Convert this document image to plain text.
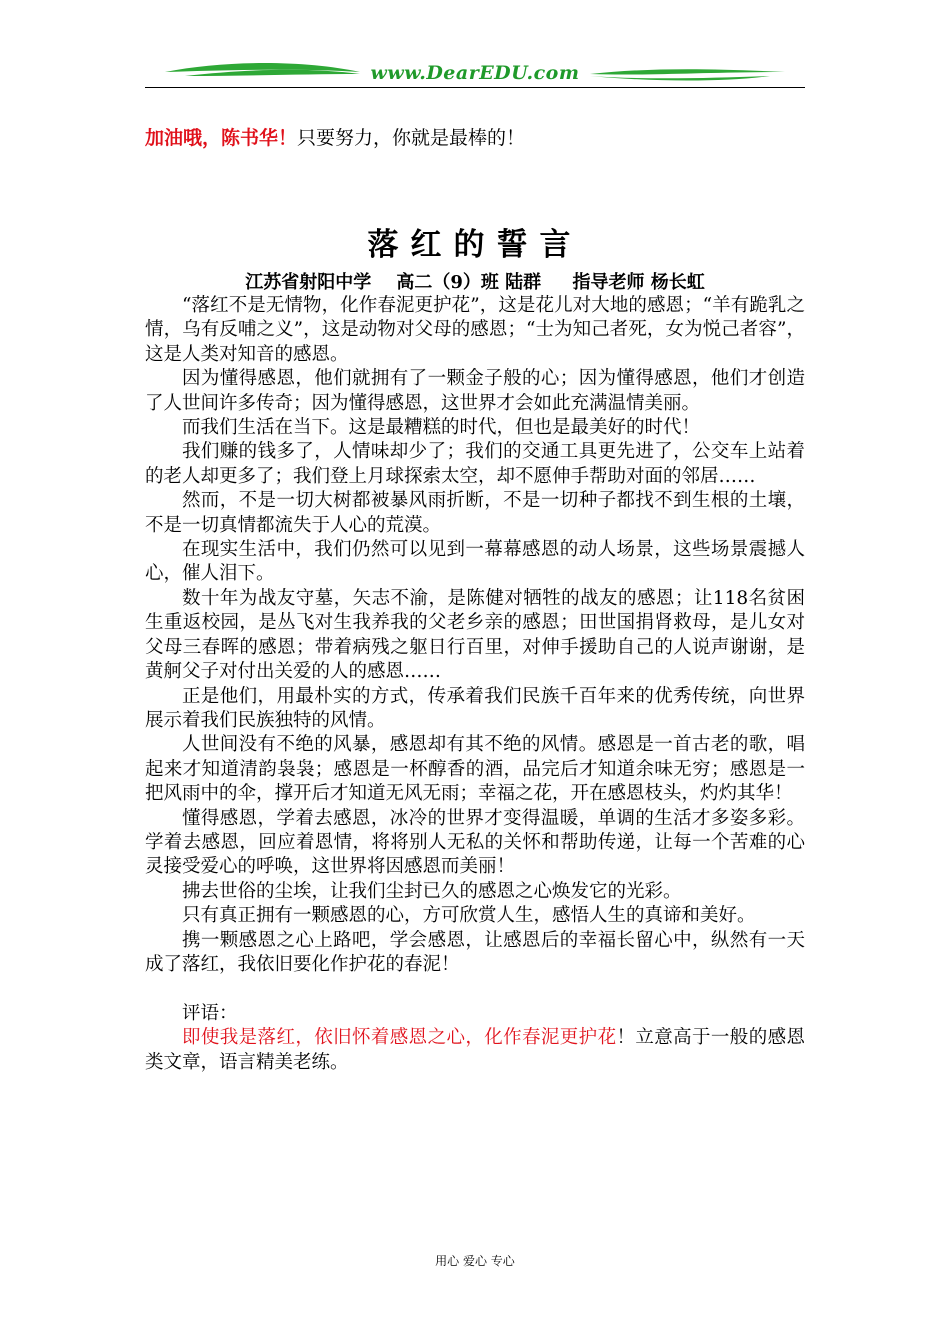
www.DearEDU.com
加油哦，陈书华！只要努力，你就是最棒的！
落红的誓言
江苏省射阳中学    高二（9）班 陆群     指导老师 杨长虹

“落红不是无情物，化作春泥更护花”，这是花儿对大地的感恩；“羊有跪乳之情，乌有反哺之义”，这是动物对父母的感恩；“士为知己者死，女为悦己者容”，这是人类对知音的感恩。

因为懂得感恩，他们就拥有了一颗金子般的心；因为懂得感恩，他们才创造了人世间许多传奇；因为懂得感恩，这世界才会如此充满温情美丽。

而我们生活在当下。这是最糟糕的时代，但也是最美好的时代！

我们赚的钱多了，人情味却少了；我们的交通工具更先进了，公交车上站着的老人却更多了；我们登上月球探索太空，却不愿伸手帮助对面的邻居……

然而，不是一切大树都被暴风雨折断，不是一切种子都找不到生根的土壤，不是一切真情都流失于人心的荒漠。

在现实生活中，我们仍然可以见到一幕幕感恩的动人场景，这些场景震撼人心，催人泪下。

数十年为战友守墓，矢志不渝，是陈健对牺牲的战友的感恩；让118名贫困生重返校园，是丛飞对生我养我的父老乡亲的感恩；田世国捐肾救母，是儿女对父母三春晖的感恩；带着病残之躯日行百里，对伸手援助自己的人说声谢谢，是黄舸父子对付出关爱的人的感恩……

正是他们，用最朴实的方式，传承着我们民族千百年来的优秀传统，向世界展示着我们民族独特的风情。

人世间没有不绝的风暴，感恩却有其不绝的风情。感恩是一首古老的歌，唱起来才知道清韵袅袅；感恩是一杯醇香的酒，品完后才知道余味无穷；感恩是一把风雨中的伞，撑开后才知道无风无雨；幸福之花，开在感恩枝头，灼灼其华！

懂得感恩，学着去感恩，冰冷的世界才变得温暖，单调的生活才多姿多彩。学着去感恩，回应着恩情，将将别人无私的关怀和帮助传递，让每一个苦难的心灵接受爱心的呼唤，这世界将因感恩而美丽！

拂去世俗的尘埃，让我们尘封已久的感恩之心焕发它的光彩。

只有真正拥有一颗感恩的心，方可欣赏人生，感悟人生的真谛和美好。

携一颗感恩之心上路吧，学会感恩，让感恩后的幸福长留心中，纵然有一天成了落红，我依旧要化作护花的春泥！

评语：

即使我是落红，依旧怀着感恩之心，化作春泥更护花！立意高于一般的感恩类文章，语言精美老练。

用心 爱心 专心
